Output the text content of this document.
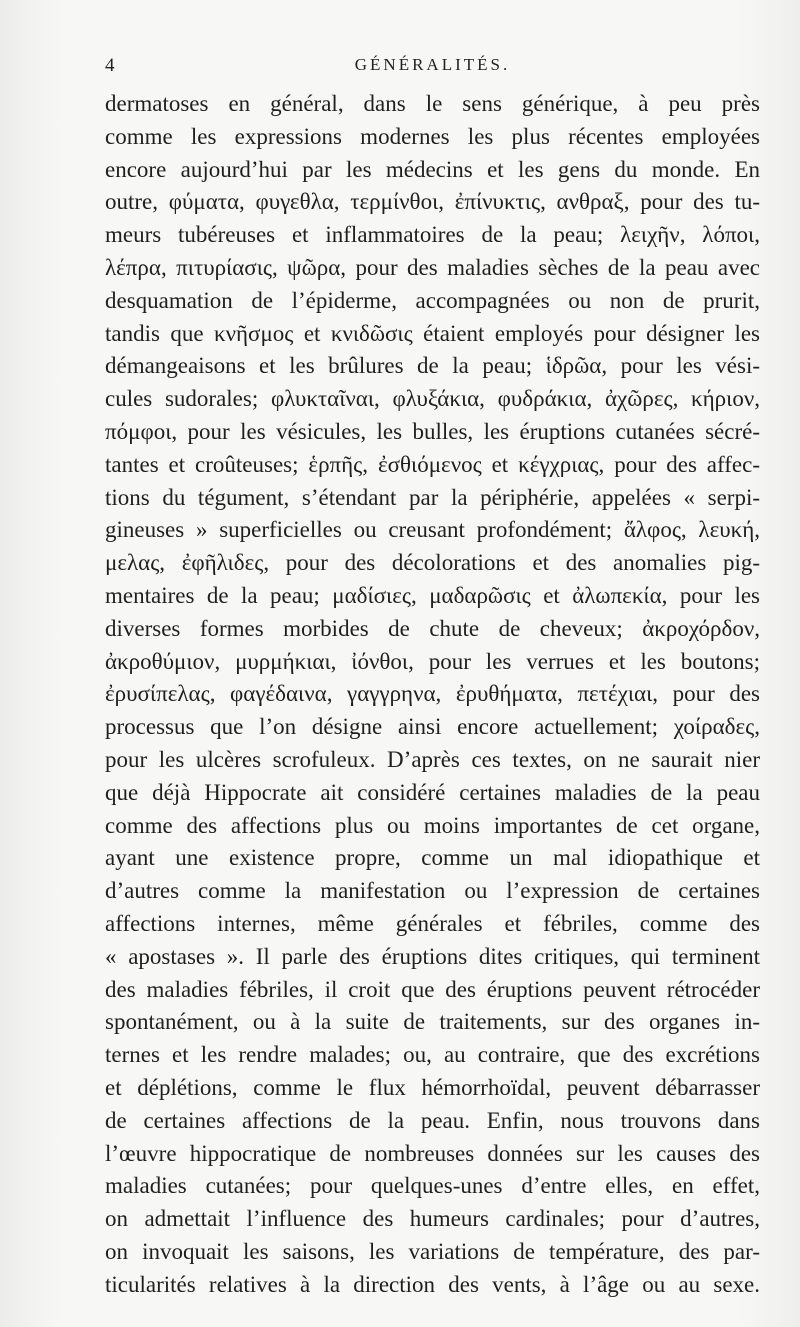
4	GÉNÉRALITÉS.
dermatoses en général, dans le sens générique, à peu près
comme les expressions modernes les plus récentes employées
encore aujourd’hui par les médecins et les gens du monde. En
outre, φύματα, φυγεθλα, τερμίνθοι, ἐπίνυκτις, ανθραξ, pour des tu-
meurs tubéreuses et inflammatoires de la peau; λειχῆν, λόποι,
λέπρα, πιτυρίασις, ψῶρα, pour des maladies sèches de la peau avec
desquamation de l’épiderme, accompagnées ou non de prurit,
tandis que κνῆσμος et κνιδῶσις étaient employés pour désigner les
démangeaisons et les brûlures de la peau; ἱδρῶα, pour les vési-
cules sudorales; φλυκταῖναι, φλυξάκια, φυδράκια, ἀχῶρες, κήριον,
πόμφοι, pour les vésicules, les bulles, les éruptions cutanées sécré-
tantes et croûteuses; ἑρπῆς, ἐσθιόμενος et κέγχριας, pour des affec-
tions du tégument, s’étendant par la périphérie, appelées « serpi-
gineuses » superficielles ou creusant profondément; ἄλφος, λευκή,
μελας, ἐφῆλιδες, pour des décolorations et des anomalies pig-
mentaires de la peau; μαδίσιες, μαδαρῶσις et ἀλωπεκία, pour les
diverses formes morbides de chute de cheveux; ἀκροχόρδον,
ἀκροθύμιον, μυρμήκιαι, ἰόνθοι, pour les verrues et les boutons;
ἐρυσίπελας, φαγέδαινα, γαγγρηνα, ἐρυθήματα, πετέχιαι, pour des
processus que l’on désigne ainsi encore actuellement; χοίραδες,
pour les ulcères scrofuleux. D’après ces textes, on ne saurait nier
que déjà Hippocrate ait considéré certaines maladies de la peau
comme des affections plus ou moins importantes de cet organe,
ayant une existence propre, comme un mal idiopathique et
d’autres comme la manifestation ou l’expression de certaines
affections internes, même générales et fébriles, comme des
« apostases ». Il parle des éruptions dites critiques, qui terminent
des maladies fébriles, il croit que des éruptions peuvent rétrocéder
spontanément, ou à la suite de traitements, sur des organes in-
ternes et les rendre malades; ou, au contraire, que des excrétions
et déplétions, comme le flux hémorrhoïdal, peuvent débarrasser
de certaines affections de la peau. Enfin, nous trouvons dans
l’œuvre hippocratique de nombreuses données sur les causes des
maladies cutanées; pour quelques-unes d’entre elles, en effet,
on admettait l’influence des humeurs cardinales; pour d’autres,
on invoquait les saisons, les variations de température, des par-
ticularités relatives à la direction des vents, à l’âge ou au sexe.
